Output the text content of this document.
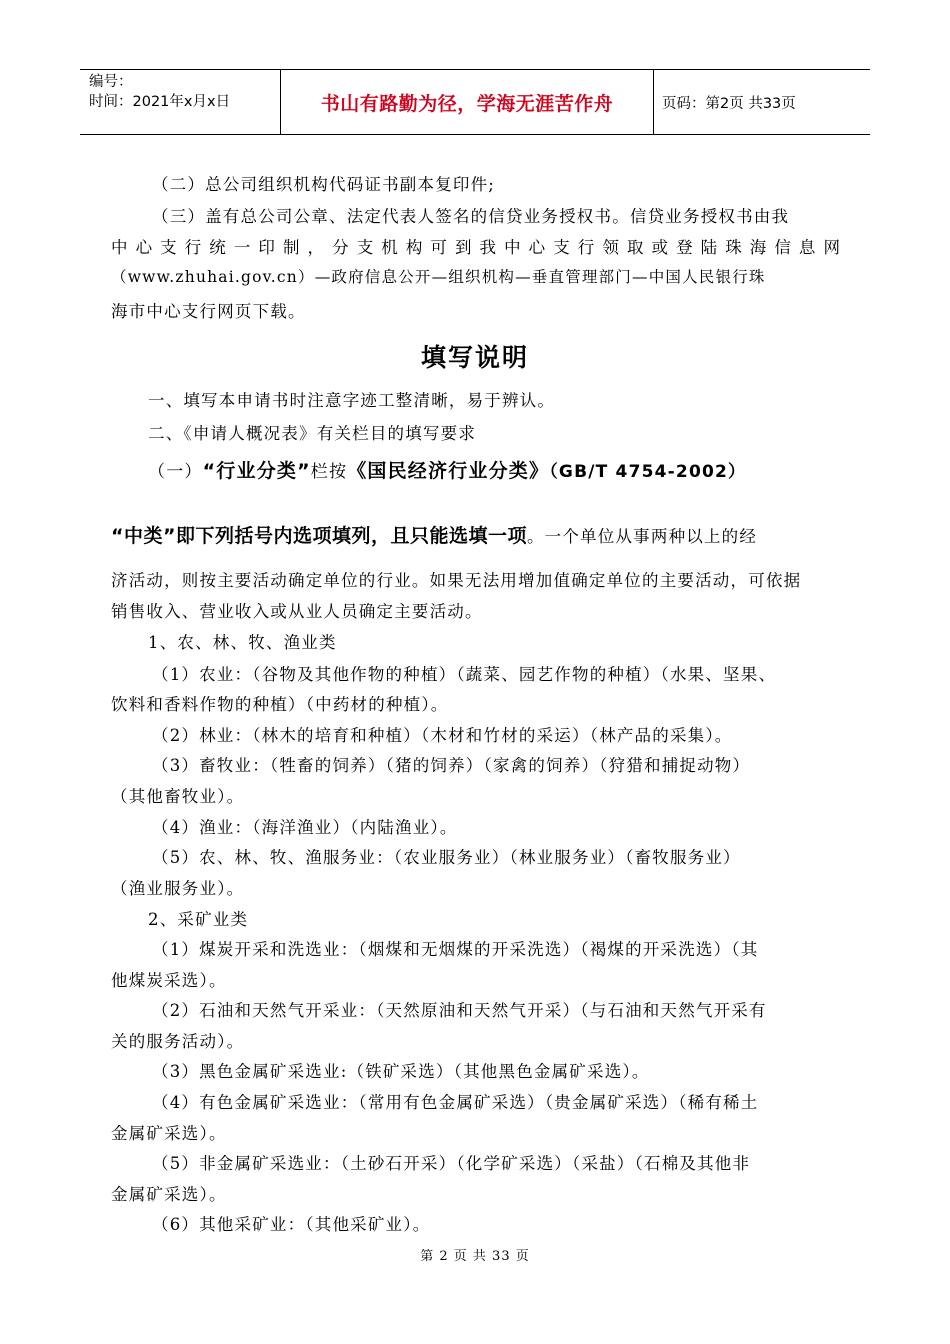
编号：
时间：2021年x月x日	书山有路勤为径，学海无涯苦作舟	页码：第2页 共33页
（二）总公司组织机构代码证书副本复印件;
（三）盖有总公司公章、法定代表人签名的信贷业务授权书。信贷业务授权书由我
中心支行统一印制，分支机构可到我中心支行领取或登陆珠海信息网
（www.zhuhai.gov.cn）—政府信息公开—组织机构—垂直管理部门—中国人民银行珠
海市中心支行网页下载。
一、填写本申请书时注意字迹工整清晰，易于辨认。
二、《申请人概况表》有关栏目的填写要求
（一）“行业分类”栏按《国民经济行业分类》（GB/T 4754-2002）
“中类”即下列括号内选项填列，且只能选填一项。一个单位从事两种以上的经
济活动，则按主要活动确定单位的行业。如果无法用增加值确定单位的主要活动，可依据
销售收入、营业收入或从业人员确定主要活动。
1、农、林、牧、渔业类
（1）农业：（谷物及其他作物的种植）（蔬菜、园艺作物的种植）（水果、坚果、
饮料和香料作物的种植）（中药材的种植）。
（2）林业：（林木的培育和种植）（木材和竹材的采运）（林产品的采集）。
（3）畜牧业：（牲畜的饲养）（猪的饲养）（家禽的饲养）（狩猎和捕捉动物）
（其他畜牧业）。
（4）渔业：（海洋渔业）（内陆渔业）。
（5）农、林、牧、渔服务业：（农业服务业）（林业服务业）（畜牧服务业）
（渔业服务业）。
2、采矿业类
（1）煤炭开采和洗选业：（烟煤和无烟煤的开采洗选）（褐煤的开采洗选）（其
他煤炭采选）。
（2）石油和天然气开采业：（天然原油和天然气开采）（与石油和天然气开采有
关的服务活动）。
（3）黑色金属矿采选业:（铁矿采选）（其他黑色金属矿采选）。
（4）有色金属矿采选业：（常用有色金属矿采选）（贵金属矿采选）（稀有稀土
金属矿采选）。
（5）非金属矿采选业：（土砂石开采）（化学矿采选）（采盐）（石棉及其他非
金属矿采选）。
（6）其他采矿业：（其他采矿业）。
填写说明
第 2 页 共 33 页
